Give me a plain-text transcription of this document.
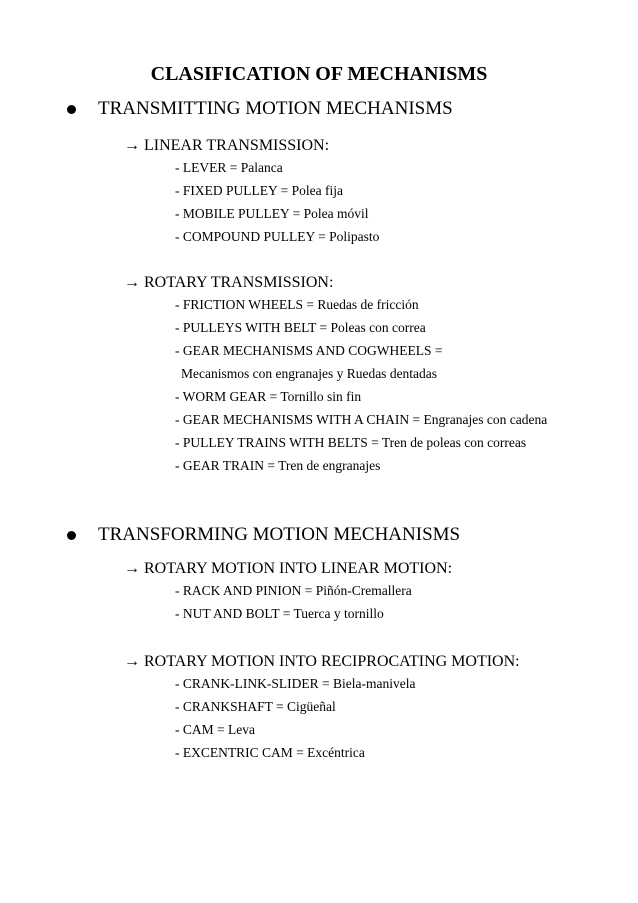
CLASIFICATION OF MECHANISMS
TRANSMITTING MOTION MECHANISMS
→ LINEAR TRANSMISSION:
- LEVER = Palanca
- FIXED PULLEY = Polea fija
- MOBILE PULLEY = Polea móvil
- COMPOUND PULLEY = Polipasto
→ ROTARY TRANSMISSION:
- FRICTION WHEELS = Ruedas de fricción
- PULLEYS WITH BELT = Poleas con correa
- GEAR MECHANISMS AND COGWHEELS =
Mecanismos con engranajes y Ruedas dentadas
- WORM GEAR = Tornillo sin fin
- GEAR MECHANISMS WITH A CHAIN = Engranajes con cadena
- PULLEY TRAINS WITH BELTS = Tren de poleas con correas
- GEAR TRAIN = Tren de engranajes
TRANSFORMING MOTION MECHANISMS
→ ROTARY MOTION INTO LINEAR MOTION:
- RACK AND PINION = Piñón-Cremallera
- NUT AND BOLT = Tuerca y tornillo
→ ROTARY MOTION INTO RECIPROCATING MOTION:
- CRANK-LINK-SLIDER = Biela-manivela
- CRANKSHAFT = Cigüeñal
- CAM = Leva
- EXCENTRIC CAM = Excéntrica
